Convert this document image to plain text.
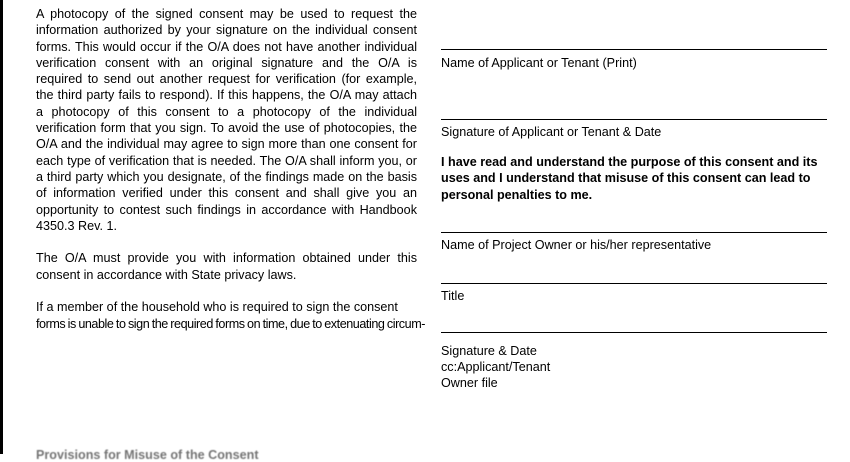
A photocopy of the signed consent may be used to request the information authorized by your signature on the individual consent forms. This would occur if the O/A does not have another individual verification consent with an original signature and the O/A is required to send out another request for verification (for example, the third party fails to respond). If this happens, the O/A may attach a photocopy of this consent to a photocopy of the individual verification form that you sign. To avoid the use of photocopies, the O/A and the individual may agree to sign more than one consent for each type of verification that is needed. The O/A shall inform you, or a third party which you designate, of the findings made on the basis of information verified under this consent and shall give you an opportunity to contest such findings in accordance with Handbook 4350.3 Rev. 1.

The O/A must provide you with information obtained under this consent in accordance with State privacy laws.

If a member of the household who is required to sign the consent
forms is unable to sign the required forms on time, due to extenuating circum-

Name of Applicant or Tenant (Print)
Signature of Applicant or Tenant & Date
I have read and understand the purpose of this consent and its uses and I understand that misuse of this consent can lead to personal penalties to me.
Name of Project Owner or his/her representative
Title
Signature & Date
cc:Applicant/Tenant
Owner file
Provisions for Misuse of the Consent
